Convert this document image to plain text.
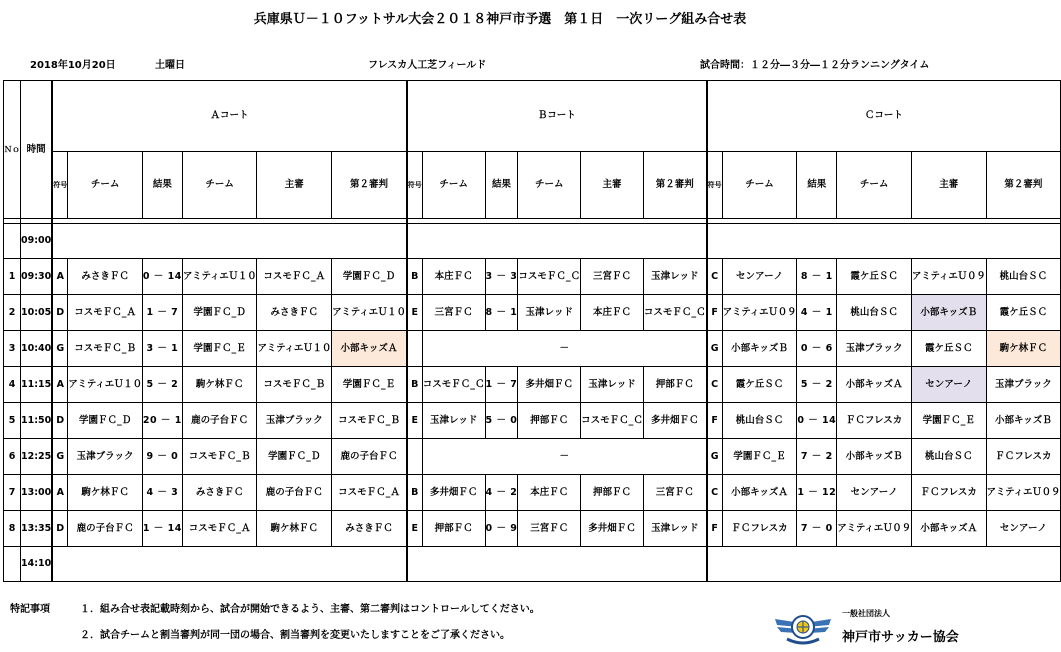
兵庫県Ｕ－１０フットサル大会２０１８神戸市予選　第１日　一次リーグ組み合せ表
2018年10月20日	土曜日	フレスカ人工芝フィールド	試合時間：１２分―３分―１２分ランニングタイム
Ｎｏ	時間	Ａコート						Ｂコート						Ｃコート					
		符号	チーム	結果	チーム	主審	第２審判	符号	チーム	結果	チーム	主審	第２審判	符号	チーム	結果	チーム	主審	第２審判

	09:00																		
1	09:30	A	みさきＦＣ	0 － 14	アミティエＵ１０	コスモＦＣ_Ａ	学園ＦＣ_Ｄ	B	本庄ＦＣ	3 － 3	コスモＦＣ_Ｃ	三宮ＦＣ	玉津レッド	C	センアーノ	8 － 1	霞ケ丘ＳＣ	アミティエＵ０９	桃山台ＳＣ
2	10:05	D	コスモＦＣ_Ａ	1 － 7	学園ＦＣ_Ｄ	みさきＦＣ	アミティエＵ１０	E	三宮ＦＣ	8 － 1	玉津レッド	本庄ＦＣ	コスモＦＣ_Ｃ	F	アミティエＵ０９	4 － 1	桃山台ＳＣ	小部キッズＢ	霞ケ丘ＳＣ
3	10:40	G	コスモＦＣ_Ｂ	3 － 1	学園ＦＣ_Ｅ	アミティエＵ１０	小部キッズＡ		－					G	小部キッズＢ	0 － 6	玉津ブラック	霞ケ丘ＳＣ	駒ケ林ＦＣ
4	11:15	A	アミティエＵ１０	5 － 2	駒ケ林ＦＣ	コスモＦＣ_Ｂ	学園ＦＣ_Ｅ	B	コスモＦＣ_Ｃ	1 － 7	多井畑ＦＣ	玉津レッド	押部ＦＣ	C	霞ケ丘ＳＣ	5 － 2	小部キッズＡ	センアーノ	玉津ブラック
5	11:50	D	学園ＦＣ_Ｄ	20 － 1	鹿の子台ＦＣ	玉津ブラック	コスモＦＣ_Ｂ	E	玉津レッド	5 － 0	押部ＦＣ	コスモＦＣ_Ｃ	多井畑ＦＣ	F	桃山台ＳＣ	0 － 14	ＦＣフレスカ	学園ＦＣ_Ｅ	小部キッズＢ
6	12:25	G	玉津ブラック	9 － 0	コスモＦＣ_Ｂ	学園ＦＣ_Ｄ	鹿の子台ＦＣ		－					G	学園ＦＣ_Ｅ	7 － 2	小部キッズＢ	桃山台ＳＣ	ＦＣフレスカ
7	13:00	A	駒ケ林ＦＣ	4 － 3	みさきＦＣ	鹿の子台ＦＣ	コスモＦＣ_Ａ	B	多井畑ＦＣ	4 － 2	本庄ＦＣ	押部ＦＣ	三宮ＦＣ	C	小部キッズＡ	1 － 12	センアーノ	ＦＣフレスカ	アミティエＵ０９
8	13:35	D	鹿の子台ＦＣ	1 － 14	コスモＦＣ_Ａ	駒ケ林ＦＣ	みさきＦＣ	E	押部ＦＣ	0 － 9	三宮ＦＣ	多井畑ＦＣ	玉津レッド	F	ＦＣフレスカ	7 － 0	アミティエＵ０９	小部キッズＡ	センアーノ
	14:10																		
特記事項	１．組み合せ表記載時刻から、試合が開始できるよう、主審、第二審判はコントロールしてください。
２．試合チームと割当審判が同一団の場合、割当審判を変更いたしますことをご了承ください。
一般社団法人
神戸市サッカー協会
